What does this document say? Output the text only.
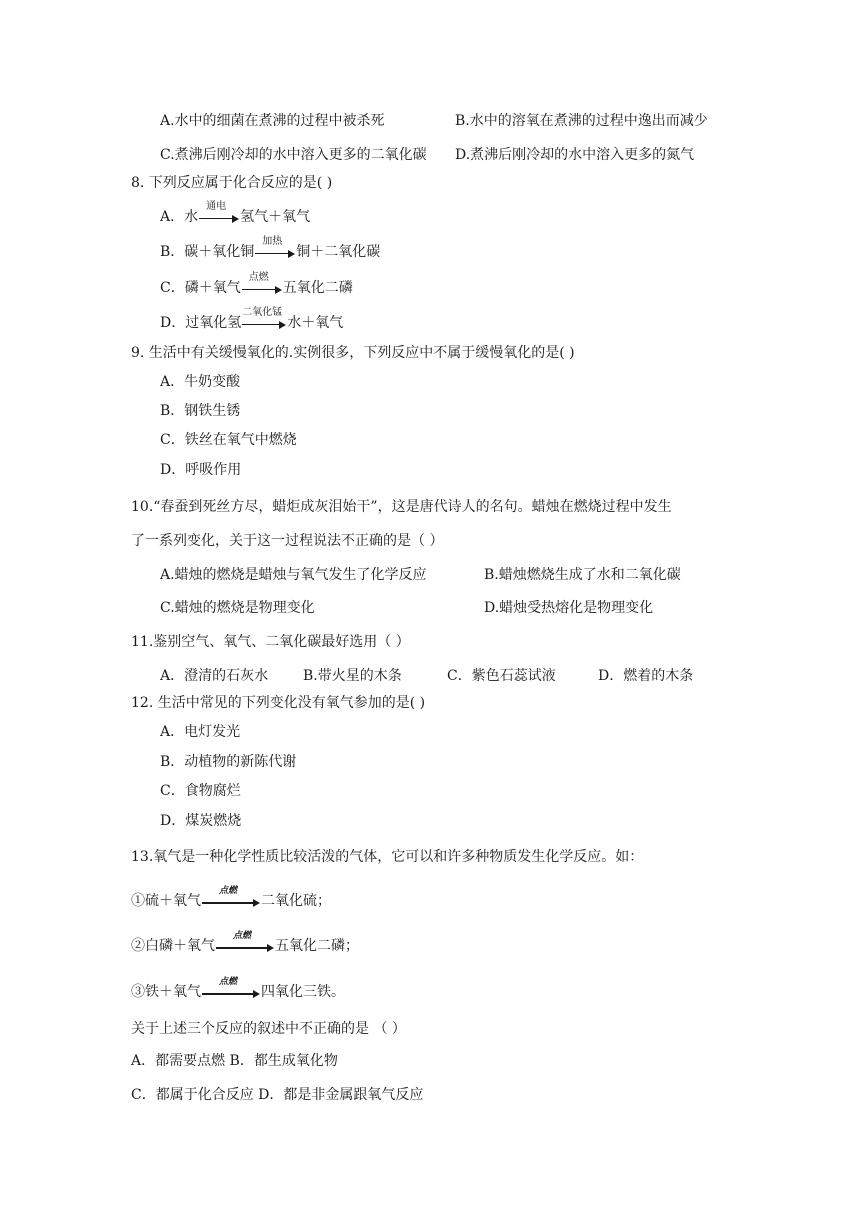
A.水中的细菌在煮沸的过程中被杀死	B.水中的溶氧在煮沸的过程中逸出而减少
C.煮沸后刚冷却的水中溶入更多的二氧化碳 D.煮沸后刚冷却的水中溶入更多的氮气
8. 下列反应属于化合反应的是( )
A．水
通电
氢气＋氧气
B．碳＋氧化铜
加热
铜＋二氧化碳
C．磷＋氧气
点燃
五氧化二磷
D．过氧化氢
二氧化锰
水＋氧气
9. 生活中有关缓慢氧化的.实例很多，下列反应中不属于缓慢氧化的是( )
A．牛奶变酸
B．钢铁生锈
C．铁丝在氧气中燃烧
D．呼吸作用
10.“春蚕到死丝方尽，蜡炬成灰泪始干”，这是唐代诗人的名句。蜡烛在燃烧过程中发生
了一系列变化，关于这一过程说法不正确的是（ ）
A.蜡烛的燃烧是蜡烛与氧气发生了化学反应	B.蜡烛燃烧生成了水和二氧化碳
C.蜡烛的燃烧是物理变化	D.蜡烛受热熔化是物理变化
11.鉴别空气、氧气、二氧化碳最好选用（ ）
A．澄清的石灰水 B.带火星的木条	C．紫色石蕊试液	D．燃着的木条
12. 生活中常见的下列变化没有氧气参加的是( )
A．电灯发光
B．动植物的新陈代谢
C．食物腐烂
D．煤炭燃烧
13.氧气是一种化学性质比较活泼的气体，它可以和许多种物质发生化学反应。如：
①硫＋氧气
点燃
二氧化硫；
②白磷＋氧气
点燃
五氧化二磷；
③铁＋氧气
点燃
四氧化三铁。
关于上述三个反应的叙述中不正确的是 （ ）
A．都需要点燃 B．都生成氧化物
C．都属于化合反应 D．都是非金属跟氧气反应
